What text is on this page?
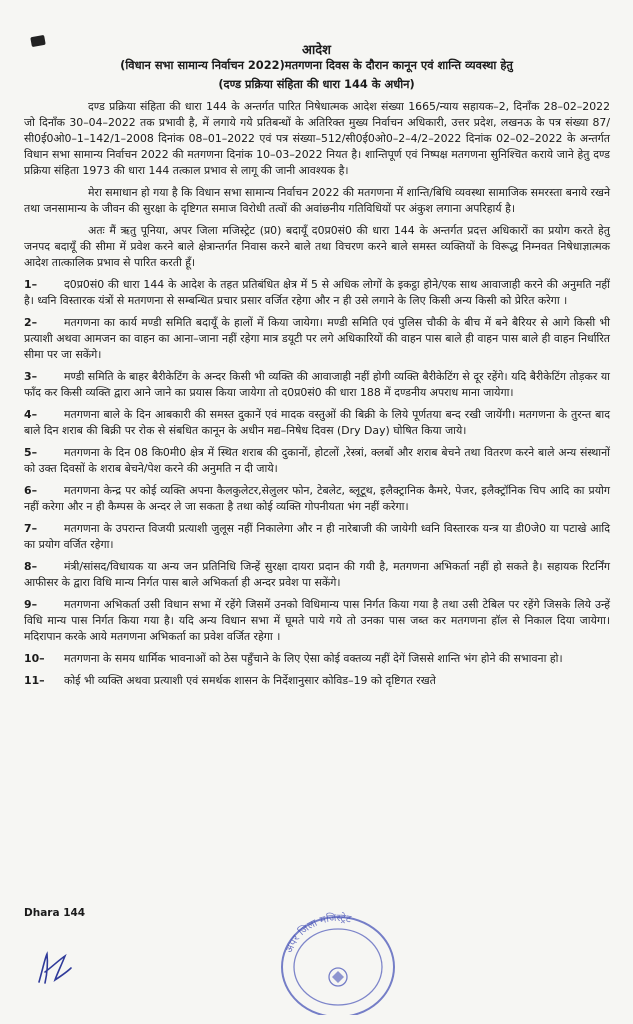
आदेश
(विधान सभा सामान्य निर्वाचन 2022)मतगणना दिवस के दौरान कानून एवं शान्ति व्यवस्था हेतु
(दण्ड प्रक्रिया संहिता की धारा 144 के अधीन)

दण्ड प्रक्रिया संहिता की धारा 144 के अन्तर्गत पारित निषेधात्मक आदेश संख्या 1665/न्याय सहायक–2, दिनाँक 28–02–2022 जो दिनाँक 30–04–2022 तक प्रभावी है, में लगाये गये प्रतिबन्धों के अतिरिक्त मुख्य निर्वाचन अधिकारी, उत्तर प्रदेश, लखनऊ के पत्र संख्या 87/सी0ई0ओ0–1–142/1–2008 दिनांक 08–01–2022 एवं पत्र संख्या–512/सी0ई0ओ0–2–4/2–2022 दिनांक 02–02–2022 के अन्तर्गत विधान सभा सामान्य निर्वाचन 2022 की मतगणना दिनांक 10–03–2022 नियत है। शान्तिपूर्ण एवं निष्पक्ष मतगणना सुनिश्चित कराये जाने हेतु दण्ड प्रक्रिया संहिता 1973 की धारा 144 तत्काल प्रभाव से लागू की जानी आवश्यक है।

मेरा समाधान हो गया है कि विधान सभा सामान्य निर्वाचन 2022 की मतगणना में शान्ति/बिधि व्यवस्था सामाजिक समरस्ता बनाये रखने तथा जनसामान्य के जीवन की सुरक्षा के दृष्टिगत समाज विरोधी तत्वों की अवांछनीय गतिविधियों पर अंकुश लगाना अपरिहार्य है।

अतः मैं ऋतु पूनिया, अपर जिला मजिस्ट्रेट (प्र0) बदायूँ द0प्र0सं0 की धारा 144 के अन्तर्गत प्रदत्त अधिकारों का प्रयोग करते हेतु जनपद बदायूँ की सीमा में प्रवेश करने बाले क्षेत्रान्तर्गत निवास करने बाले तथा विचरण करने बाले समस्त व्यक्तियों के विरूद्ध निम्नवत निषेधाज्ञात्मक आदेश तात्कालिक प्रभाव से पारित करती हूँ।

1– द0प्र0सं0 की धारा 144 के आदेश के तहत प्रतिबंधित क्षेत्र में 5 से अधिक लोगों के इकट्ठा होने/एक साथ आवाजाही करने की अनुमति नहीं है। ध्वनि विस्तारक यंत्रों से मतगणना से सम्बन्धित प्रचार प्रसार वर्जित रहेगा और न ही उसे लगाने के लिए किसी अन्य किसी को प्रेरित करेगा ।
2– मतगणना का कार्य मण्डी समिति बदायूँ के हालों में किया जायेगा। मण्डी समिति एवं पुलिस चौकी के बीच में बने बैरियर से आगे किसी भी प्रत्याशी अथवा आमजन का वाहन का आना–जाना नहीं रहेगा मात्र डयूटी पर लगे अधिकारियों की वाहन पास बाले ही वाहन पास बाले ही वाहन निर्धारित सीमा पर जा सकेंगे।
3– मण्डी समिति के बाहर बैरीकेटिंग के अन्दर किसी भी व्यक्ति की आवाजाही नहीं होगी व्यक्ति बैरीकेटिंग से दूर रहेंगे। यदि बैरीकेटिंग तोड़कर या फाँद कर किसी व्यक्ति द्वारा आने जाने का प्रयास किया जायेगा तो द0प्र0सं0 की धारा 188 में दण्डनीय अपराध माना जायेगा।
4– मतगणना बाले के दिन आबकारी की समस्त दुकानें एवं मादक वस्तुओं की बिक्री के लिये पूर्णतया बन्द रखी जायेंगी। मतगणना के तुरन्त बाद बाले दिन शराब की बिक्री पर रोक से संबधित कानून के अधीन मद्य–निषेध दिवस (Dry Day) घोषित किया जाये।
5– मतगणना के दिन 08 कि0मी0 क्षेत्र में स्थित शराब की दुकानों, होटलों ,रेस्त्रां, क्लबों और शराब बेचने तथा वितरण करने बाले अन्य संस्थानों को उक्त दिवसों के शराब बेचने/पेश करने की अनुमति न दी जाये।
6– मतगणना केन्द्र पर कोई व्यक्ति अपना कैलकुलेटर,सेलुलर फोन, टेबलेट, ब्लूटूथ, इलैक्ट्रानिक कैमरे, पेजर, इलैक्ट्रॉनिक चिप आदि का प्रयोग नहीं करेगा और न ही कैम्पस के अन्दर ले जा सकता है तथा कोई व्यक्ति गोपनीयता भंग नहीं करेगा।
7– मतगणना के उपरान्त विजयी प्रत्याशी जुलूस नहीं निकालेगा और न ही नारेबाजी की जायेगी ध्वनि विस्तारक यन्त्र या डी0जे0 या पटाखे आदि का प्रयोग वर्जित रहेगा।
8– मंत्री/सांसद/विधायक या अन्य जन प्रतिनिधि जिन्हें सुरक्षा दायरा प्रदान की गयी है, मतगणना अभिकर्ता नहीं हो सकते है। सहायक रिटर्निंग आफीसर के द्वारा विधि मान्य निर्गत पास बाले अभिकर्ता ही अन्दर प्रवेश पा सकेंगे।
9– मतगणना अभिकर्ता उसी विधान सभा में रहेंगे जिसमें उनको विधिमान्य पास निर्गत किया गया है तथा उसी टेबिल पर रहेंगे जिसके लिये उन्हें विधि मान्य पास निर्गत किया गया है। यदि अन्य विधान सभा में घूमते पाये गये तो उनका पास जब्त कर मतगणना हॉल से निकाल दिया जायेगा। मदिरापान करके आये मतगणना अभिकर्ता का प्रवेश वर्जित रहेगा ।
10– मतगणना के समय धार्मिक भावनाओं को ठेस पहुँचाने के लिए ऐसा कोई वक्तव्य नहीं देगें जिससे शान्ति भंग होने की सभावना हो।
11– कोई भी व्यक्ति अथवा प्रत्याशी एवं समर्थक शासन के निर्देशानुसार कोविड–19 को दृष्टिगत रखते
Dhara 144
अपर जिला मजिस्ट्रेट
